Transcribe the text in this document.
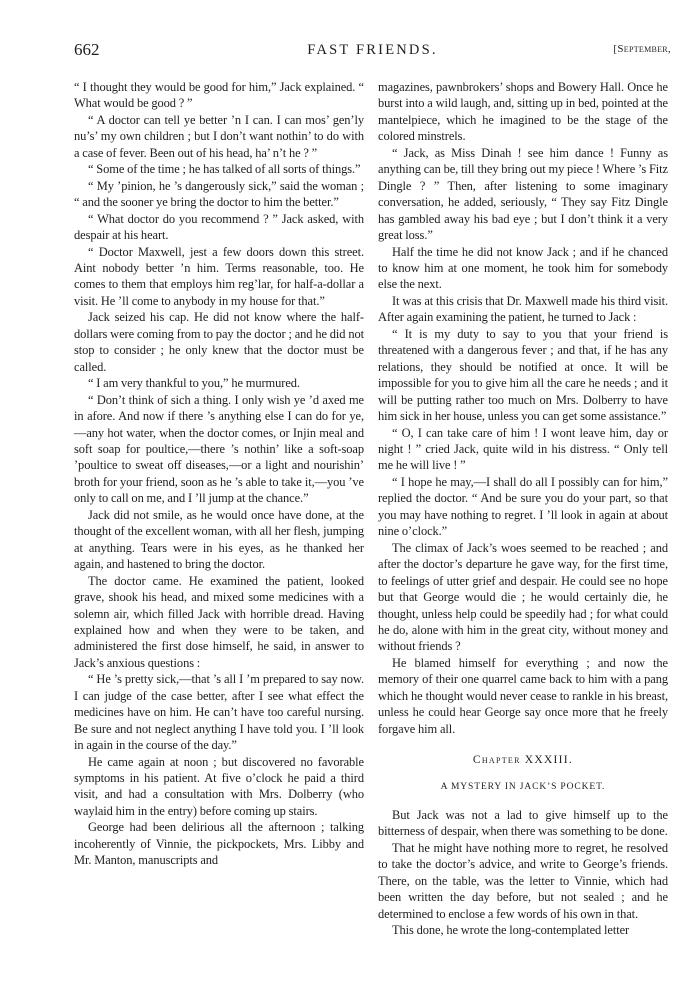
662	FAST FRIENDS.	[September,

“ I thought they would be good for him,” Jack explained. “ What would be good ? ”

“ A doctor can tell ye better ’n I can. I can mos’ gen’ly nu’s’ my own children ; but I don’t want nothin’ to do with a case of fever. Been out of his head, ha’ n’t he ? ”

“ Some of the time ; he has talked of all sorts of things.”

“ My ’pinion, he ’s dangerously sick,” said the woman ; “ and the sooner ye bring the doctor to him the better.”

“ What doctor do you recommend ? ” Jack asked, with despair at his heart.

“ Doctor Maxwell, jest a few doors down this street. Aint nobody better ’n him. Terms reasonable, too. He comes to them that employs him reg’lar, for half-a-dollar a visit. He ’ll come to anybody in my house for that.”

Jack seized his cap. He did not know where the half-dollars were coming from to pay the doctor ; and he did not stop to consider ; he only knew that the doctor must be called.

“ I am very thankful to you,” he murmured.

“ Don’t think of sich a thing. I only wish ye ’d axed me in afore. And now if there ’s anything else I can do for ye,—any hot water, when the doctor comes, or Injin meal and soft soap for poultice,—there ’s nothin’ like a soft-soap ’poultice to sweat off diseases,—or a light and nourishin’ broth for your friend, soon as he ’s able to take it,—you ’ve only to call on me, and I ’ll jump at the chance.”

Jack did not smile, as he would once have done, at the thought of the excellent woman, with all her flesh, jumping at anything. Tears were in his eyes, as he thanked her again, and hastened to bring the doctor.

The doctor came. He examined the patient, looked grave, shook his head, and mixed some medicines with a solemn air, which filled Jack with horrible dread. Having explained how and when they were to be taken, and administered the first dose himself, he said, in answer to Jack’s anxious questions :

“ He ’s pretty sick,—that ’s all I ’m prepared to say now. I can judge of the case better, after I see what effect the medicines have on him. He can’t have too careful nursing. Be sure and not neglect anything I have told you. I ’ll look in again in the course of the day.”

He came again at noon ; but discovered no favorable symptoms in his patient. At five o’clock he paid a third visit, and had a consultation with Mrs. Dolberry (who waylaid him in the entry) before coming up stairs.

George had been delirious all the afternoon ; talking incoherently of Vinnie, the pickpockets, Mrs. Libby and Mr. Manton, manuscripts and

magazines, pawnbrokers’ shops and Bowery Hall. Once he burst into a wild laugh, and, sitting up in bed, pointed at the mantelpiece, which he imagined to be the stage of the colored minstrels.

“ Jack, as Miss Dinah ! see him dance ! Funny as anything can be, till they bring out my piece ! Where ’s Fitz Dingle ? ” Then, after listening to some imaginary conversation, he added, seriously, “ They say Fitz Dingle has gambled away his bad eye ; but I don’t think it a very great loss.”

Half the time he did not know Jack ; and if he chanced to know him at one moment, he took him for somebody else the next.

It was at this crisis that Dr. Maxwell made his third visit. After again examining the patient, he turned to Jack :

“ It is my duty to say to you that your friend is threatened with a dangerous fever ; and that, if he has any relations, they should be notified at once. It will be impossible for you to give him all the care he needs ; and it will be putting rather too much on Mrs. Dolberry to have him sick in her house, unless you can get some assistance.”

“ O, I can take care of him ! I wont leave him, day or night ! ” cried Jack, quite wild in his distress. “ Only tell me he will live ! ”

“ I hope he may,—I shall do all I possibly can for him,” replied the doctor. “ And be sure you do your part, so that you may have nothing to regret. I ’ll look in again at about nine o’clock.”

The climax of Jack’s woes seemed to be reached ; and after the doctor’s departure he gave way, for the first time, to feelings of utter grief and despair. He could see no hope but that George would die ; he would certainly die, he thought, unless help could be speedily had ; for what could he do, alone with him in the great city, without money and without friends ?

He blamed himself for everything ; and now the memory of their one quarrel came back to him with a pang which he thought would never cease to rankle in his breast, unless he could hear George say once more that he freely forgave him all.

Chapter XXXIII.
A MYSTERY IN JACK’S POCKET.

But Jack was not a lad to give himself up to the bitterness of despair, when there was something to be done.

That he might have nothing more to regret, he resolved to take the doctor’s advice, and write to George’s friends. There, on the table, was the letter to Vinnie, which had been written the day before, but not sealed ; and he determined to enclose a few words of his own in that.

This done, he wrote the long-contemplated letter
